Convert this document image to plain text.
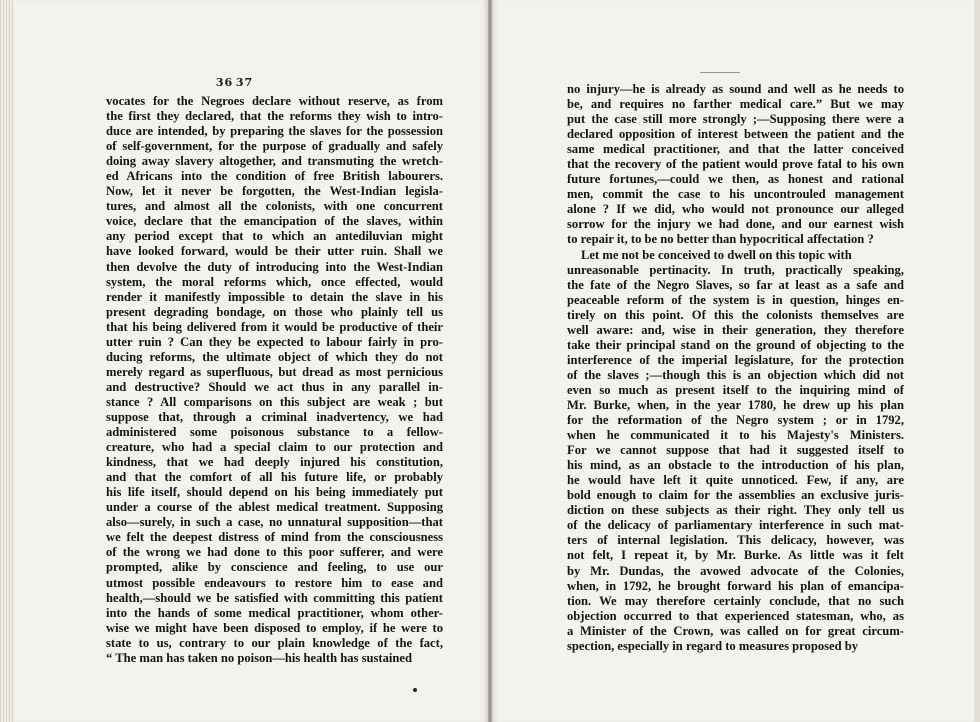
36 37

vocates for the Negroes declare without reserve, as from
the first they declared, that the reforms they wish to intro-
duce are intended, by preparing the slaves for the possession
of self-government, for the purpose of gradually and safely
doing away slavery altogether, and transmuting the wretch-
ed Africans into the condition of free British labourers.
Now, let it never be forgotten, the West-Indian legisla-
tures, and almost all the colonists, with one concurrent
voice, declare that the emancipation of the slaves, within
any period except that to which an antediluvian might
have looked forward, would be their utter ruin. Shall we
then devolve the duty of introducing into the West-Indian
system, the moral reforms which, once effected, would
render it manifestly impossible to detain the slave in his
present degrading bondage, on those who plainly tell us
that his being delivered from it would be productive of their
utter ruin ? Can they be expected to labour fairly in pro-
ducing reforms, the ultimate object of which they do not
merely regard as superfluous, but dread as most pernicious
and destructive? Should we act thus in any parallel in-
stance ? All comparisons on this subject are weak ; but
suppose that, through a criminal inadvertency, we had
administered some poisonous substance to a fellow-
creature, who had a special claim to our protection and
kindness, that we had deeply injured his constitution,
and that the comfort of all his future life, or probably
his life itself, should depend on his being immediately put
under a course of the ablest medical treatment. Supposing
also—surely, in such a case, no unnatural supposition—that
we felt the deepest distress of mind from the consciousness
of the wrong we had done to this poor sufferer, and were
prompted, alike by conscience and feeling, to use our
utmost possible endeavours to restore him to ease and
health,—should we be satisfied with committing this patient
into the hands of some medical practitioner, whom other-
wise we might have been disposed to employ, if he were to
state to us, contrary to our plain knowledge of the fact,
“ The man has taken no poison—his health has sustained
no injury—he is already as sound and well as he needs to
be, and requires no farther medical care.” But we may
put the case still more strongly ;—Supposing there were a
declared opposition of interest between the patient and the
same medical practitioner, and that the latter conceived
that the recovery of the patient would prove fatal to his own
future fortunes,—could we then, as honest and rational
men, commit the case to his uncontrouled management
alone ? If we did, who would not pronounce our alleged
sorrow for the injury we had done, and our earnest wish
to repair it, to be no better than hypocritical affectation ?
Let me not be conceived to dwell on this topic with
unreasonable pertinacity. In truth, practically speaking,
the fate of the Negro Slaves, so far at least as a safe and
peaceable reform of the system is in question, hinges en-
tirely on this point. Of this the colonists themselves are
well aware: and, wise in their generation, they therefore
take their principal stand on the ground of objecting to the
interference of the imperial legislature, for the protection
of the slaves ;—though this is an objection which did not
even so much as present itself to the inquiring mind of
Mr. Burke, when, in the year 1780, he drew up his plan
for the reformation of the Negro system ; or in 1792,
when he communicated it to his Majesty's Ministers.
For we cannot suppose that had it suggested itself to
his mind, as an obstacle to the introduction of his plan,
he would have left it quite unnoticed. Few, if any, are
bold enough to claim for the assemblies an exclusive juris-
diction on these subjects as their right. They only tell us
of the delicacy of parliamentary interference in such mat-
ters of internal legislation. This delicacy, however, was
not felt, I repeat it, by Mr. Burke. As little was it felt
by Mr. Dundas, the avowed advocate of the Colonies,
when, in 1792, he brought forward his plan of emancipa-
tion. We may therefore certainly conclude, that no such
objection occurred to that experienced statesman, who, as
a Minister of the Crown, was called on for great circum-
spection, especially in regard to measures proposed by
